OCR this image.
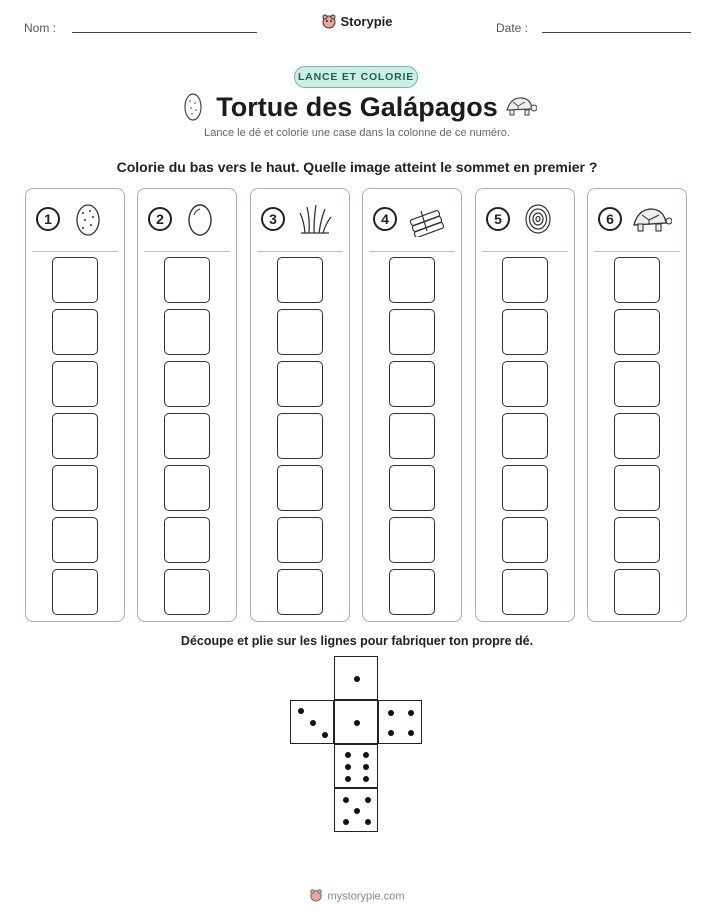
Nom :	Storypie	Date :
LANCE ET COLORIE
Tortue des Galápagos
Lance le dé et colorie une case dans la colonne de ce numéro.
Colorie du bas vers le haut. Quelle image atteint le sommet en premier ?
1	2	3	4	5	6
Découpe et plie sur les lignes pour fabriquer ton propre dé.
mystorypie.com
